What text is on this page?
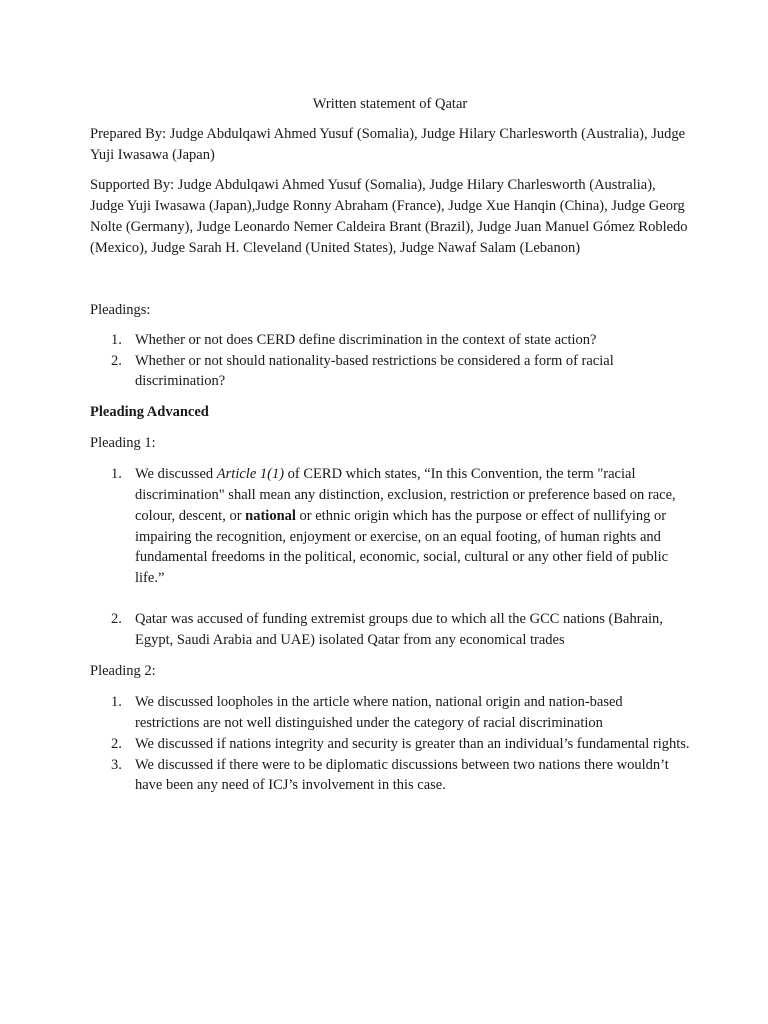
Written statement of Qatar

Prepared By: Judge Abdulqawi Ahmed Yusuf (Somalia), Judge Hilary Charlesworth (Australia), Judge Yuji Iwasawa (Japan)

Supported By: Judge Abdulqawi Ahmed Yusuf (Somalia), Judge Hilary Charlesworth (Australia), Judge Yuji Iwasawa (Japan),Judge Ronny Abraham (France), Judge Xue Hanqin (China), Judge Georg Nolte (Germany), Judge Leonardo Nemer Caldeira Brant (Brazil), Judge Juan Manuel Gómez Robledo (Mexico), Judge Sarah H. Cleveland (United States), Judge Nawaf Salam (Lebanon)

Pleadings:

1. Whether or not does CERD define discrimination in the context of state action?
2. Whether or not should nationality-based restrictions be considered a form of racial discrimination?

Pleading Advanced

Pleading 1:

1. We discussed Article 1(1) of CERD which states, “In this Convention, the term "racial discrimination" shall mean any distinction, exclusion, restriction or preference based on race, colour, descent, or national or ethnic origin which has the purpose or effect of nullifying or impairing the recognition, enjoyment or exercise, on an equal footing, of human rights and fundamental freedoms in the political, economic, social, cultural or any other field of public life.”
2. Qatar was accused of funding extremist groups due to which all the GCC nations (Bahrain, Egypt, Saudi Arabia and UAE) isolated Qatar from any economical trades

Pleading 2:

1. We discussed loopholes in the article where nation, national origin and nation-based restrictions are not well distinguished under the category of racial discrimination
2. We discussed if nations integrity and security is greater than an individual’s fundamental rights.
3. We discussed if there were to be diplomatic discussions between two nations there wouldn’t have been any need of ICJ’s involvement in this case.
